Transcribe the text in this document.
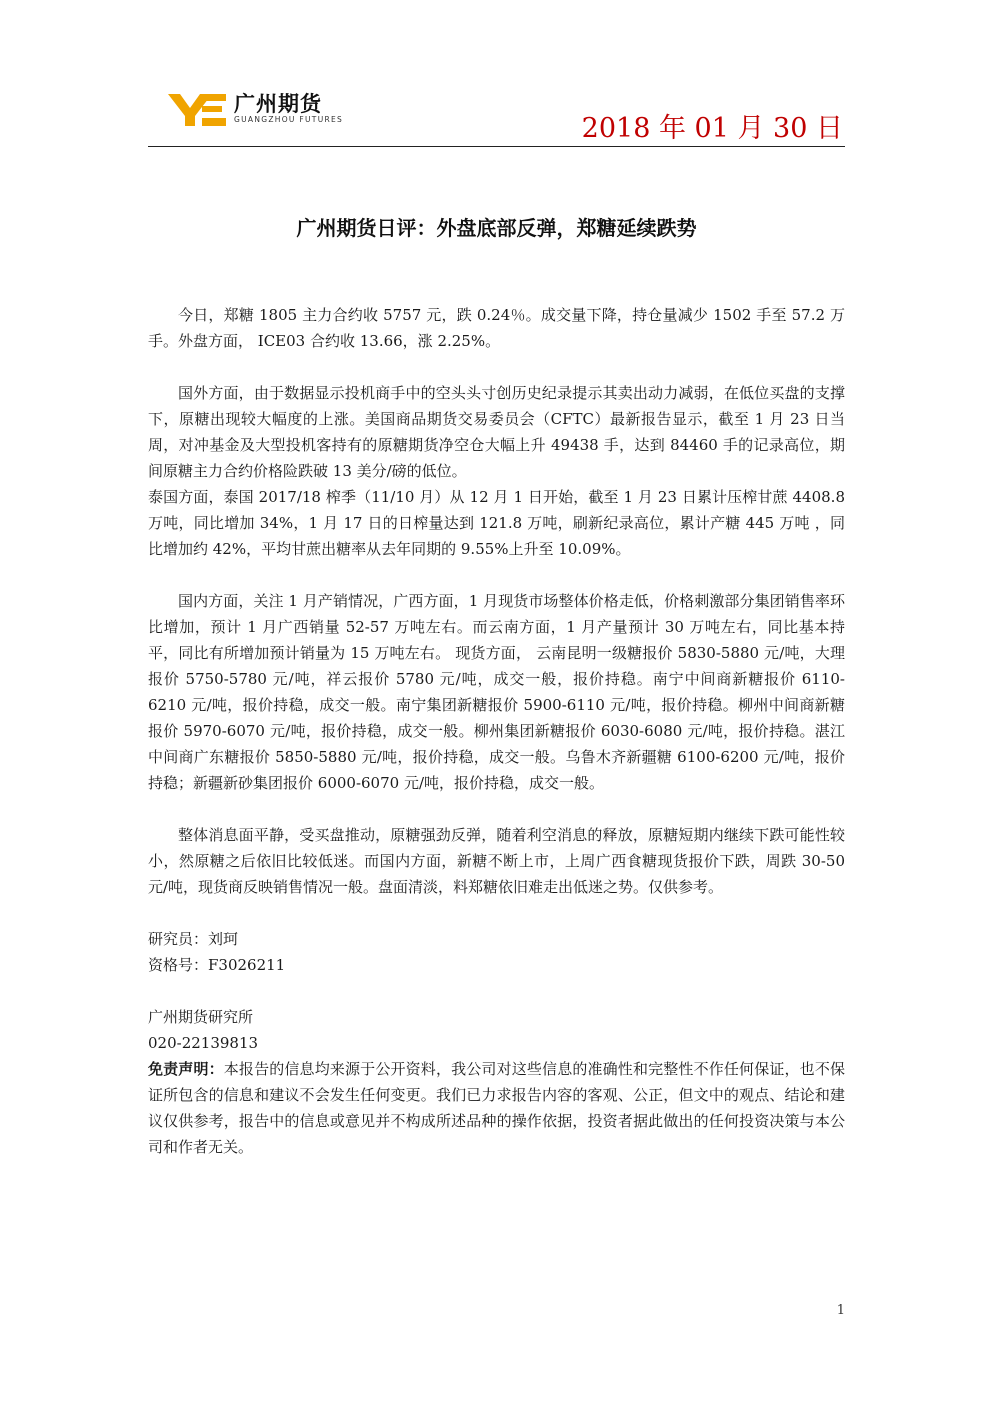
广州期货
GUANGZHOU FUTURES	2018 年 01 月 30 日
广州期货日评：外盘底部反弹，郑糖延续跌势

今日，郑糖 1805 主力合约收 5757 元，跌 0.24％。成交量下降，持仓量减少 1502 手至 57.2 万手。外盘方面， ICE03 合约收 13.66，涨 2.25%。

国外方面，由于数据显示投机商手中的空头头寸创历史纪录提示其卖出动力减弱，在低位买盘的支撑下，原糖出现较大幅度的上涨。美国商品期货交易委员会（CFTC）最新报告显示，截至 1 月 23 日当周，对冲基金及大型投机客持有的原糖期货净空仓大幅上升 49438 手，达到 84460 手的记录高位，期间原糖主力合约价格险跌破 13 美分/磅的低位。

泰国方面，泰国 2017/18 榨季（11/10 月）从 12 月 1 日开始，截至 1 月 23 日累计压榨甘蔗 4408.8 万吨，同比增加 34%，1 月 17 日的日榨量达到 121.8 万吨，刷新纪录高位，累计产糖 445 万吨 ，同比增加约 42%，平均甘蔗出糖率从去年同期的 9.55%上升至 10.09%。

国内方面，关注 1 月产销情况，广西方面，1 月现货市场整体价格走低，价格刺激部分集团销售率环比增加，预计 1 月广西销量 52-57 万吨左右。而云南方面，1 月产量预计 30 万吨左右，同比基本持平，同比有所增加预计销量为 15 万吨左右。 现货方面， 云南昆明一级糖报价 5830-5880 元/吨，大理报价 5750-5780 元/吨，祥云报价 5780 元/吨，成交一般，报价持稳。南宁中间商新糖报价 6110-6210 元/吨，报价持稳，成交一般。南宁集团新糖报价 5900-6110 元/吨，报价持稳。柳州中间商新糖报价 5970-6070 元/吨，报价持稳，成交一般。柳州集团新糖报价 6030-6080 元/吨，报价持稳。湛江中间商广东糖报价 5850-5880 元/吨，报价持稳，成交一般。乌鲁木齐新疆糖 6100-6200 元/吨，报价持稳；新疆新砂集团报价 6000-6070 元/吨，报价持稳，成交一般。

整体消息面平静，受买盘推动，原糖强劲反弹，随着利空消息的释放，原糖短期内继续下跌可能性较小，然原糖之后依旧比较低迷。而国内方面，新糖不断上市，上周广西食糖现货报价下跌，周跌 30-50 元/吨，现货商反映销售情况一般。盘面清淡，料郑糖依旧难走出低迷之势。仅供参考。

研究员：刘珂

资格号：F3026211

广州期货研究所

020-22139813

免责声明：本报告的信息均来源于公开资料，我公司对这些信息的准确性和完整性不作任何保证，也不保证所包含的信息和建议不会发生任何变更。我们已力求报告内容的客观、公正，但文中的观点、结论和建议仅供参考，报告中的信息或意见并不构成所述品种的操作依据，投资者据此做出的任何投资决策与本公司和作者无关。

1
